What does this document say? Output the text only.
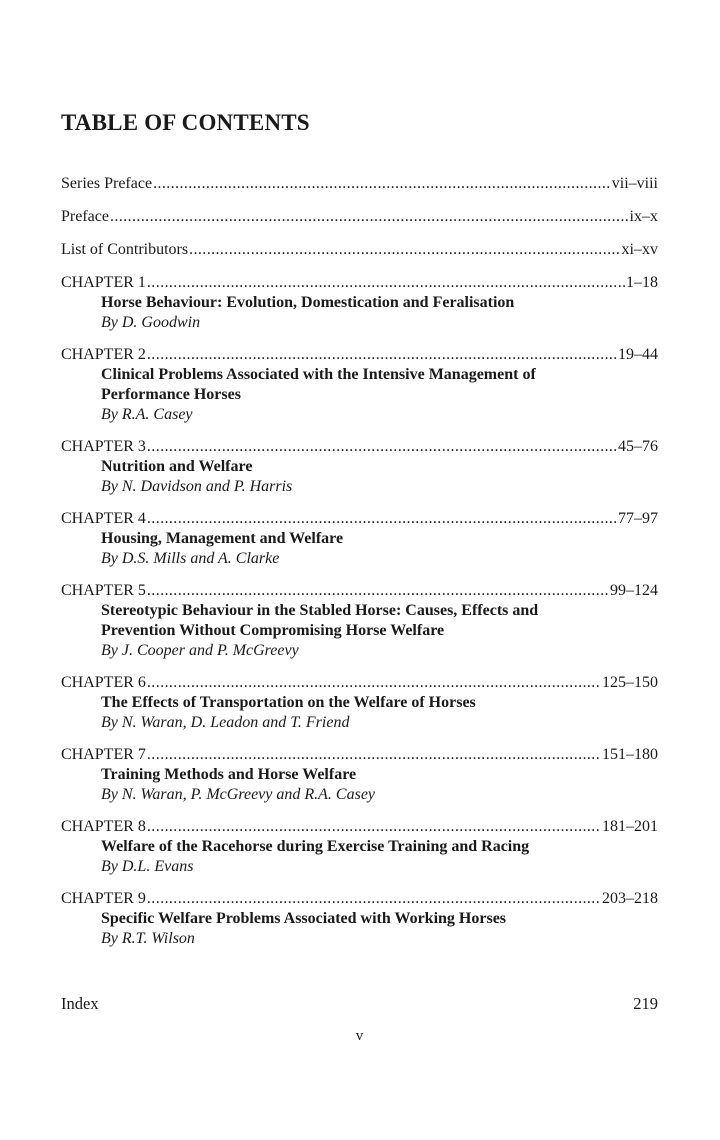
TABLE OF CONTENTS
Series Preface .....	vii–viii
Preface .....	ix–x
List of Contributors .....	xi–xv
CHAPTER 1 .....	1–18
Horse Behaviour: Evolution, Domestication and Feralisation
By D. Goodwin
CHAPTER 2 .....	19–44
Clinical Problems Associated with the Intensive Management of Performance Horses
By R.A. Casey
CHAPTER 3 .....	45–76
Nutrition and Welfare
By N. Davidson and P. Harris
CHAPTER 4 .....	77–97
Housing, Management and Welfare
By D.S. Mills and A. Clarke
CHAPTER 5 .....	99–124
Stereotypic Behaviour in the Stabled Horse: Causes, Effects and Prevention Without Compromising Horse Welfare
By J. Cooper and P. McGreevy
CHAPTER 6 .....	125–150
The Effects of Transportation on the Welfare of Horses
By N. Waran, D. Leadon and T. Friend
CHAPTER 7 .....	151–180
Training Methods and Horse Welfare
By N. Waran, P. McGreevy and R.A. Casey
CHAPTER 8 .....	181–201
Welfare of the Racehorse during Exercise Training and Racing
By D.L. Evans
CHAPTER 9 .....	203–218
Specific Welfare Problems Associated with Working Horses
By R.T. Wilson
Index	219
v
